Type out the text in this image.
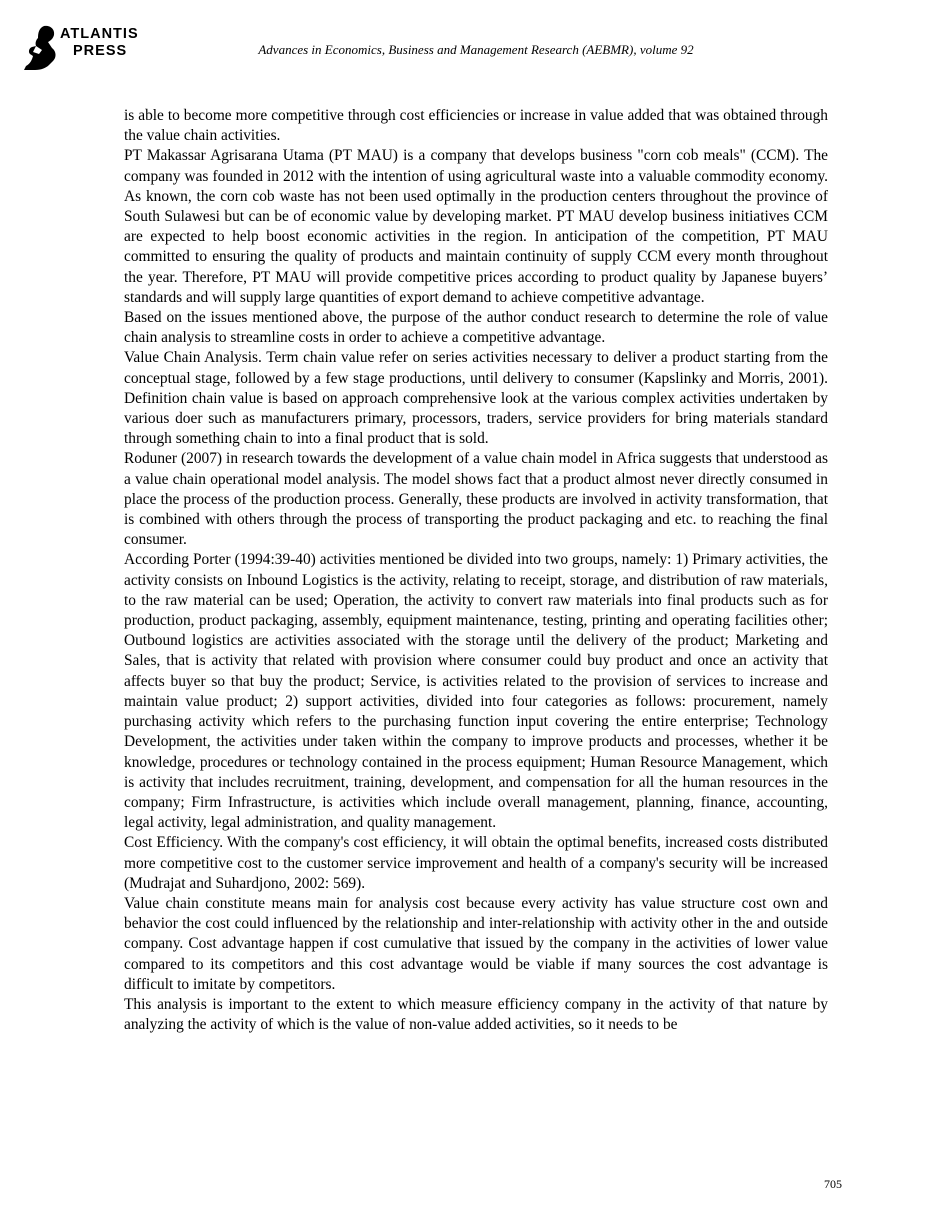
ATLANTIS
PRESS	Advances in Economics, Business and Management Research (AEBMR), volume 92

is able to become more competitive through cost efficiencies or increase in value added that was obtained through the value chain activities.

PT Makassar Agrisarana Utama (PT MAU) is a company that develops business "corn cob meals" (CCM). The company was founded in 2012 with the intention of using agricultural waste into a valuable commodity economy. As known, the corn cob waste has not been used optimally in the production centers throughout the province of South Sulawesi but can be of economic value by developing market. PT MAU develop business initiatives CCM are expected to help boost economic activities in the region. In anticipation of the competition, PT MAU committed to ensuring the quality of products and maintain continuity of supply CCM every month throughout the year. Therefore, PT MAU will provide competitive prices according to product quality by Japanese buyers’ standards and will supply large quantities of export demand to achieve competitive advantage.

Based on the issues mentioned above, the purpose of the author conduct research to determine the role of value chain analysis to streamline costs in order to achieve a competitive advantage.

Value Chain Analysis. Term chain value refer on series activities necessary to deliver a product starting from the conceptual stage, followed by a few stage productions, until delivery to consumer (Kapslinky and Morris, 2001). Definition chain value is based on approach comprehensive look at the various complex activities undertaken by various doer such as manufacturers primary, processors, traders, service providers for bring materials standard through something chain to into a final product that is sold.

Roduner (2007) in research towards the development of a value chain model in Africa suggests that understood as a value chain operational model analysis. The model shows fact that a product almost never directly consumed in place the process of the production process. Generally, these products are involved in activity transformation, that is combined with others through the process of transporting the product packaging and etc. to reaching the final consumer.

According Porter (1994:39-40) activities mentioned be divided into two groups, namely: 1) Primary activities, the activity consists on Inbound Logistics is the activity, relating to receipt, storage, and distribution of raw materials, to the raw material can be used; Operation, the activity to convert raw materials into final products such as for production, product packaging, assembly, equipment maintenance, testing, printing and operating facilities other; Outbound logistics are activities associated with the storage until the delivery of the product; Marketing and Sales, that is activity that related with provision where consumer could buy product and once an activity that affects buyer so that buy the product; Service, is activities related to the provision of services to increase and maintain value product; 2) support activities, divided into four categories as follows: procurement, namely purchasing activity which refers to the purchasing function input covering the entire enterprise; Technology Development, the activities under taken within the company to improve products and processes, whether it be knowledge, procedures or technology contained in the process equipment; Human Resource Management, which is activity that includes recruitment, training, development, and compensation for all the human resources in the company; Firm Infrastructure, is activities which include overall management, planning, finance, accounting, legal activity, legal administration, and quality management.

Cost Efficiency. With the company's cost efficiency, it will obtain the optimal benefits, increased costs distributed more competitive cost to the customer service improvement and health of a company's security will be increased (Mudrajat and Suhardjono, 2002: 569).

Value chain constitute means main for analysis cost because every activity has value structure cost own and behavior the cost could influenced by the relationship and inter-relationship with activity other in the and outside company. Cost advantage happen if cost cumulative that issued by the company in the activities of lower value compared to its competitors and this cost advantage would be viable if many sources the cost advantage is difficult to imitate by competitors.

This analysis is important to the extent to which measure efficiency company in the activity of that nature by analyzing the activity of which is the value of non-value added activities, so it needs to be

705
